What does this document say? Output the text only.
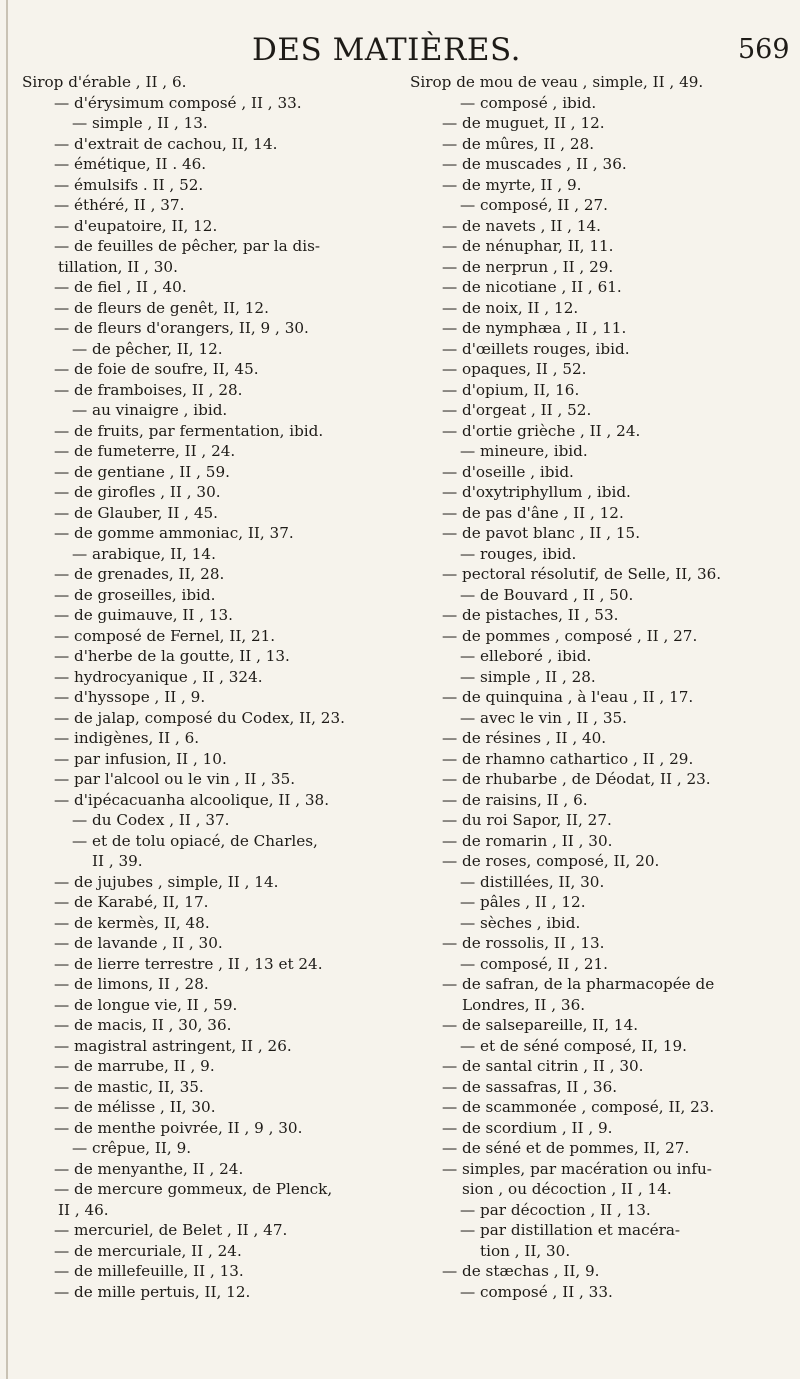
DES MATIÈRES.	569
Sirop d'érable , II , 6.
— d'érysimum composé , II , 33.
— simple , II , 13.
— d'extrait de cachou, II, 14.
— émétique, II . 46.
— émulsifs . II , 52.
— éthéré, II , 37.
— d'eupatoire, II, 12.
— de feuilles de pêcher, par la dis-
tillation, II , 30.
— de fiel , II , 40.
— de fleurs de genêt, II, 12.
— de fleurs d'orangers, II, 9 , 30.
— de pêcher, II, 12.
— de foie de soufre, II, 45.
— de framboises, II , 28.
— au vinaigre , ibid.
— de fruits, par fermentation, ibid.
— de fumeterre, II , 24.
— de gentiane , II , 59.
— de girofles , II , 30.
— de Glauber, II , 45.
— de gomme ammoniac, II, 37.
— arabique, II, 14.
— de grenades, II, 28.
— de groseilles, ibid.
— de guimauve, II , 13.
— composé de Fernel, II, 21.
— d'herbe de la goutte, II , 13.
— hydrocyanique , II , 324.
— d'hyssope , II , 9.
— de jalap, composé du Codex, II, 23.
— indigènes, II , 6.
— par infusion, II , 10.
— par l'alcool ou le vin , II , 35.
— d'ipécacuanha alcoolique, II , 38.
— du Codex , II , 37.
— et de tolu opiacé, de Charles,
II , 39.
— de jujubes , simple, II , 14.
— de Karabé, II, 17.
— de kermès, II, 48.
— de lavande , II , 30.
— de lierre terrestre , II , 13 et 24.
— de limons, II , 28.
— de longue vie, II , 59.
— de macis, II , 30, 36.
— magistral astringent, II , 26.
— de marrube, II , 9.
— de mastic, II, 35.
— de mélisse , II, 30.
— de menthe poivrée, II , 9 , 30.
— crêpue, II, 9.
— de menyanthe, II , 24.
— de mercure gommeux, de Plenck,
II , 46.
— mercuriel, de Belet , II , 47.
— de mercuriale, II , 24.
— de millefeuille, II , 13.
— de mille pertuis, II, 12.
Sirop de mou de veau , simple, II , 49.
— composé , ibid.
— de muguet, II , 12.
— de mûres, II , 28.
— de muscades , II , 36.
— de myrte, II , 9.
— composé, II , 27.
— de navets , II , 14.
— de nénuphar, II, 11.
— de nerprun , II , 29.
— de nicotiane , II , 61.
— de noix, II , 12.
— de nymphæa , II , 11.
— d'œillets rouges, ibid.
— opaques, II , 52.
— d'opium, II, 16.
— d'orgeat , II , 52.
— d'ortie grièche , II , 24.
— mineure, ibid.
— d'oseille , ibid.
— d'oxytriphyllum , ibid.
— de pas d'âne , II , 12.
— de pavot blanc , II , 15.
— rouges, ibid.
— pectoral résolutif, de Selle, II, 36.
— de Bouvard , II , 50.
— de pistaches, II , 53.
— de pommes , composé , II , 27.
— elleboré , ibid.
— simple , II , 28.
— de quinquina , à l'eau , II , 17.
— avec le vin , II , 35.
— de résines , II , 40.
— de rhamno cathartico , II , 29.
— de rhubarbe , de Déodat, II , 23.
— de raisins, II , 6.
— du roi Sapor, II, 27.
— de romarin , II , 30.
— de roses, composé, II, 20.
— distillées, II, 30.
— pâles , II , 12.
— sèches , ibid.
— de rossolis, II , 13.
— composé, II , 21.
— de safran, de la pharmacopée de
Londres, II , 36.
— de salsepareille, II, 14.
— et de séné composé, II, 19.
— de santal citrin , II , 30.
— de sassafras, II , 36.
— de scammonée , composé, II, 23.
— de scordium , II , 9.
— de séné et de pommes, II, 27.
— simples, par macération ou infu-
sion , ou décoction , II , 14.
— par décoction , II , 13.
— par distillation et macéra-
tion , II, 30.
— de stæchas , II, 9.
— composé , II , 33.
